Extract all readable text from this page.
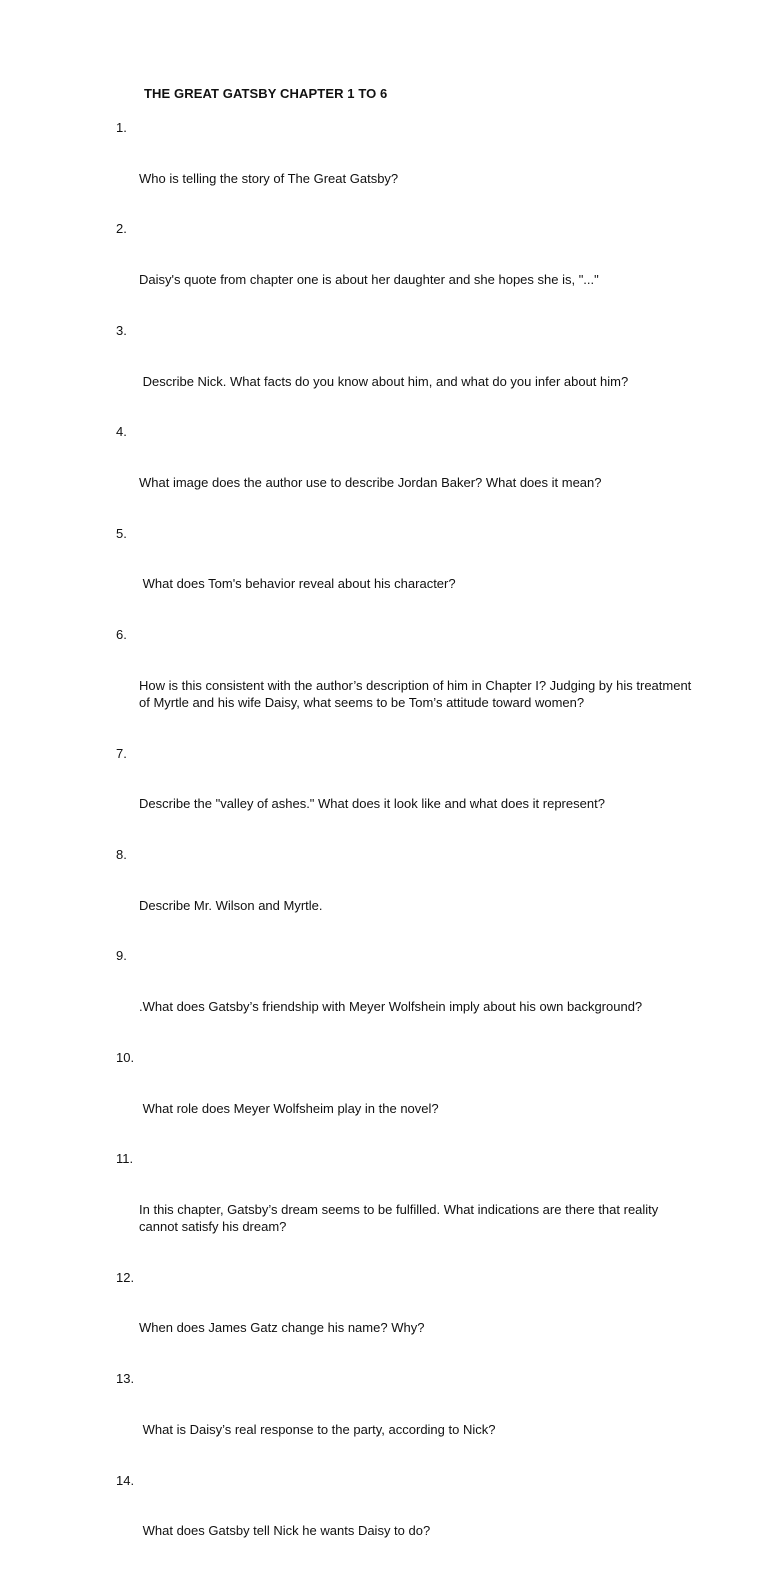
THE GREAT GATSBY CHAPTER 1 TO 6

1.

Who is telling the story of The Great Gatsby?

2.

Daisy's quote from chapter one is about her daughter and she hopes she is, "..."

3.

Describe Nick. What facts do you know about him, and what do you infer about him?

4.

What image does the author use to describe Jordan Baker? What does it mean?

5.

What does Tom's behavior reveal about his character?

6.

How is this consistent with the author’s description of him in Chapter I? Judging by his treatment of Myrtle and his wife Daisy, what seems to be Tom’s attitude toward women?

7.

Describe the "valley of ashes." What does it look like and what does it represent?

8.

Describe Mr. Wilson and Myrtle.

9.

.What does Gatsby’s friendship with Meyer Wolfshein imply about his own background?

10.

What role does Meyer Wolfsheim play in the novel?

11.

In this chapter, Gatsby’s dream seems to be fulfilled. What indications are there that reality cannot satisfy his dream?

12.

When does James Gatz change his name? Why?

13.

What is Daisy’s real response to the party, according to Nick?

14.

What does Gatsby tell Nick he wants Daisy to do?
